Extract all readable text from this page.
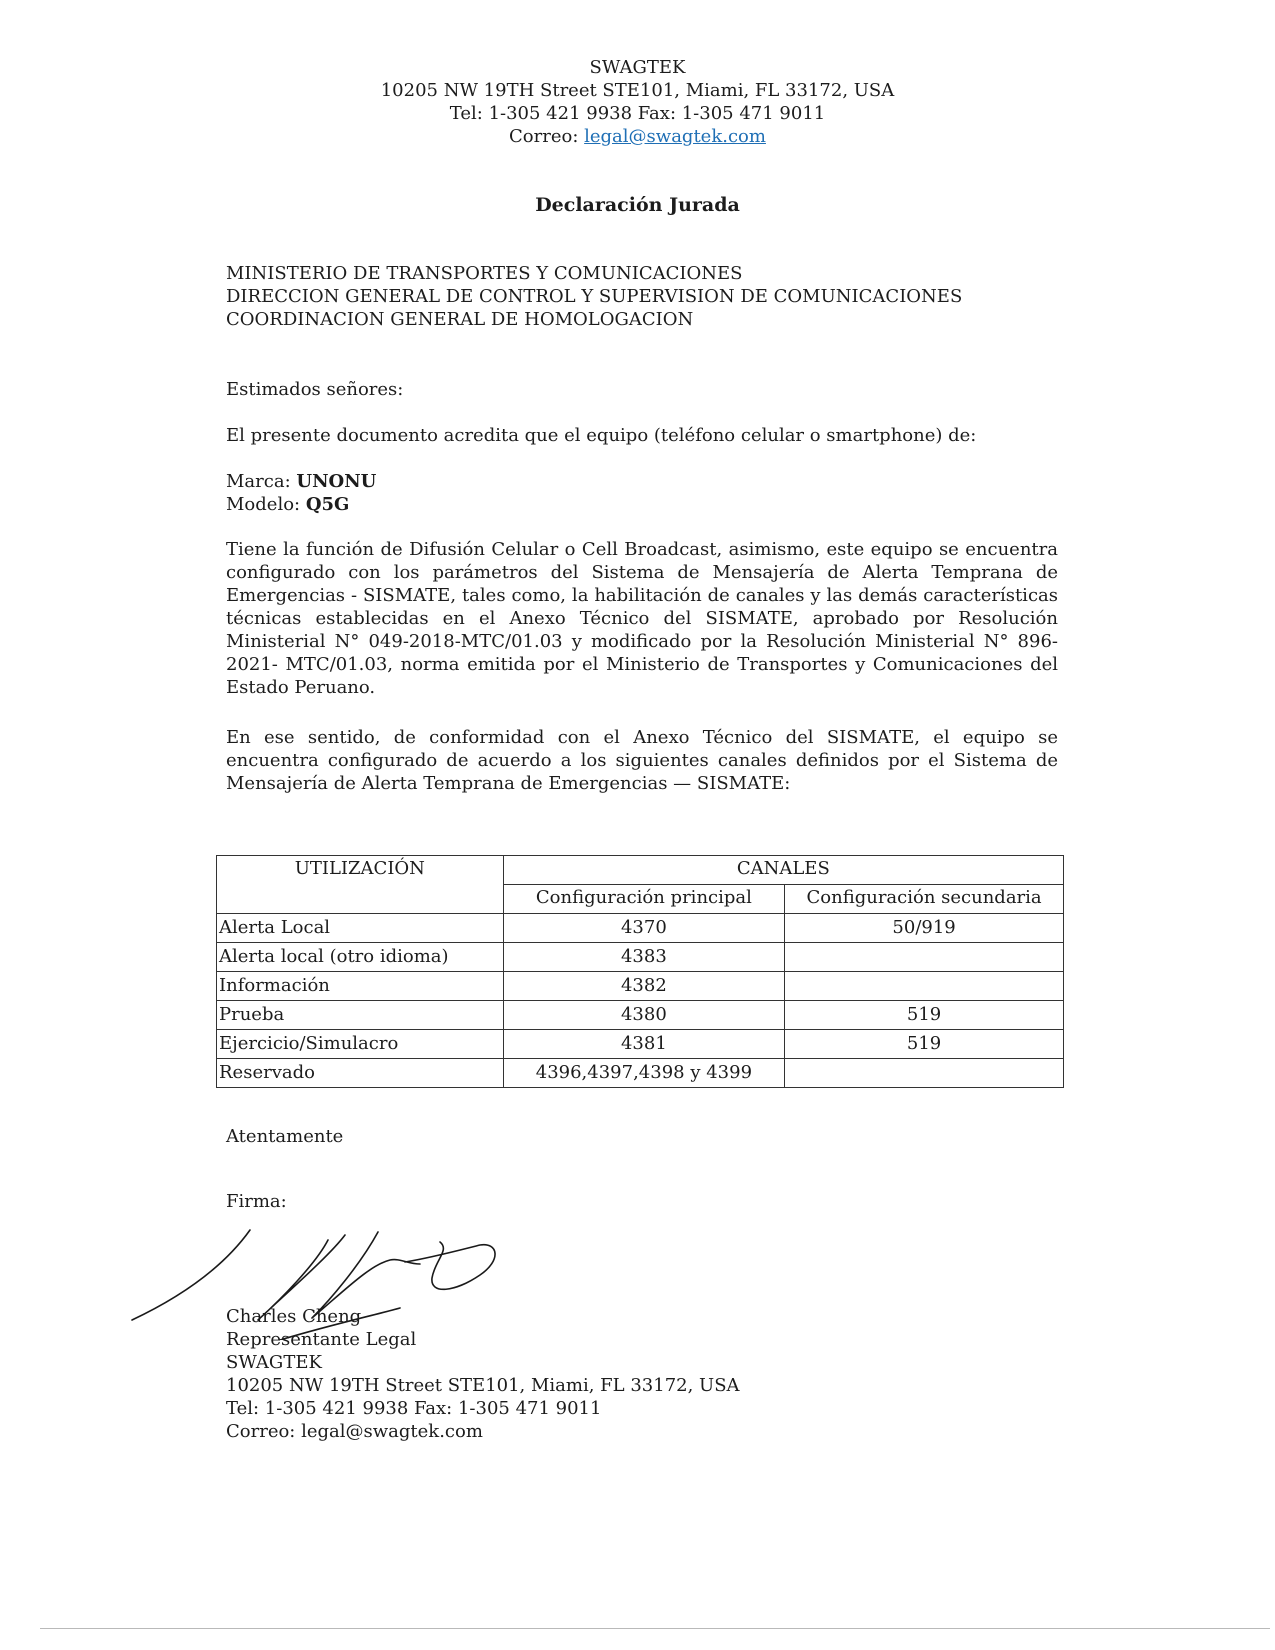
SWAGTEK
10205 NW 19TH Street STE101, Miami, FL 33172, USA
Tel: 1-305 421 9938 Fax: 1-305 471 9011
Correo: legal@swagtek.com
Declaración Jurada
MINISTERIO DE TRANSPORTES Y COMUNICACIONES
DIRECCION GENERAL DE CONTROL Y SUPERVISION DE COMUNICACIONES
COORDINACION GENERAL DE HOMOLOGACION
Estimados señores:
El presente documento acredita que el equipo (teléfono celular o smartphone) de:
Marca: UNONU
Modelo: Q5G
Tiene la función de Difusión Celular o Cell Broadcast, asimismo, este equipo se encuentra configurado con los parámetros del Sistema de Mensajería de Alerta Temprana de Emergencias - SISMATE, tales como, la habilitación de canales y las demás características técnicas establecidas en el Anexo Técnico del SISMATE, aprobado por Resolución Ministerial N° 049-2018-MTC/01.03 y modificado por la Resolución Ministerial N° 896-2021- MTC/01.03, norma emitida por el Ministerio de Transportes y Comunicaciones del Estado Peruano.
En ese sentido, de conformidad con el Anexo Técnico del SISMATE, el equipo se encuentra configurado de acuerdo a los siguientes canales definidos por el Sistema de Mensajería de Alerta Temprana de Emergencias — SISMATE:
UTILIZACIÓN	CANALES	
	Configuración principal	Configuración secundaria
Alerta Local	4370	50/919
Alerta local (otro idioma)	4383	
Información	4382	
Prueba	4380	519
Ejercicio/Simulacro	4381	519
Reservado	4396,4397,4398 y 4399	
Atentamente
Firma:
Charles Cheng
Representante Legal
SWAGTEK
10205 NW 19TH Street STE101, Miami, FL 33172, USA
Tel: 1-305 421 9938 Fax: 1-305 471 9011
Correo: legal@swagtek.com
